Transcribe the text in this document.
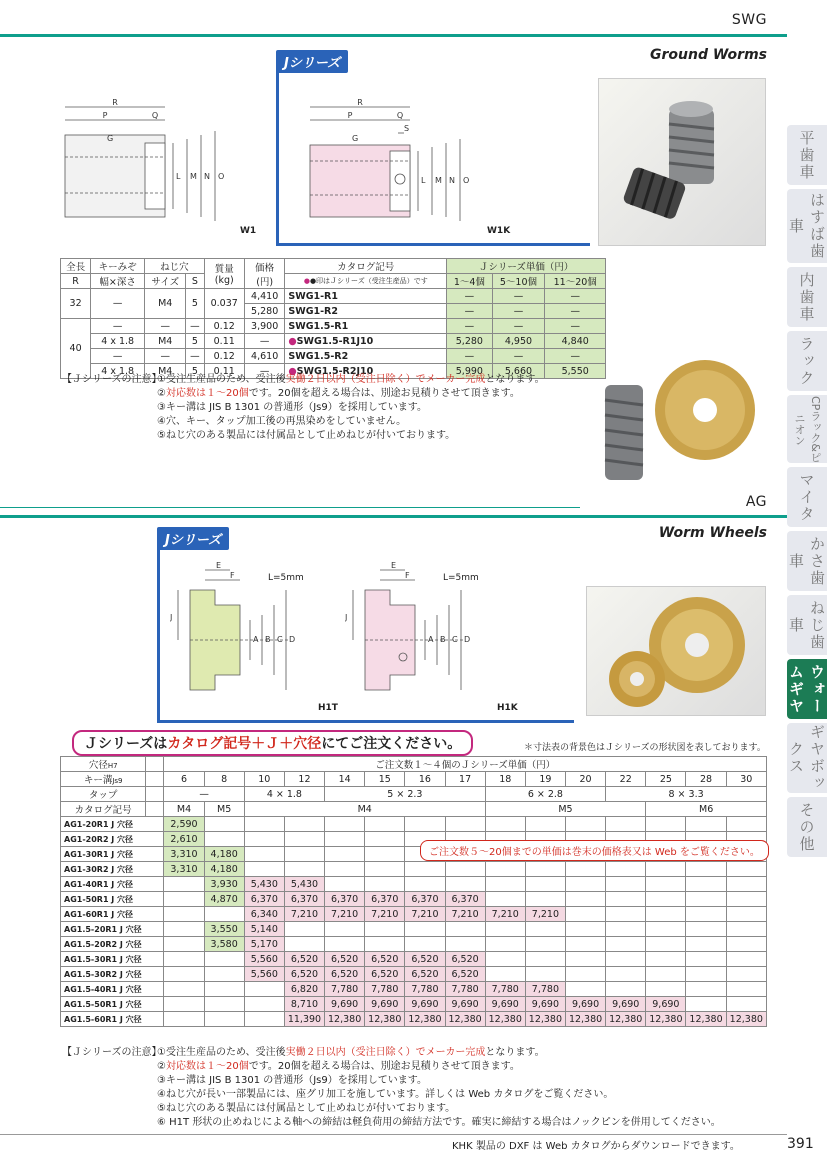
SWG
Ground Worms
R
P	Q
G
L M N O
W1
Jシリーズ
R
P	Q
S
G
L M N O
W1K
全長	キーみぞ	ねじ穴		質量
(kg)	価格
(円)	カタログ記号	Ｊシリーズ単価（円）		
R	幅×深さ	サイズ	S			●●印はＪシリーズ（受注生産品）です	1～4個	5～10個	11～20個
32	—	M4	5	0.037	4,410	SWG1-R1	—	—	—
					5,280	SWG1-R2	—	—	—
40	—	—	—	0.12	3,900	SWG1.5-R1	—	—	—
	4 x 1.8	M4	5	0.11	—	●SWG1.5-R1J10	5,280	4,950	4,840
	—	—	—	0.12	4,610	SWG1.5-R2	—	—	—
	4 x 1.8	M4	5	0.11	—	●SWG1.5-R2J10	5,990	5,660	5,550
【Ｊシリーズの注意】
①受注生産品のため、受注後実働２日以内（受注日除く）でメーカー完成となります。
②対応数は１～20個です。20個を超える場合は、別途お見積りさせて頂きます。
③キー溝は JIS B 1301 の普通形（Js9）を採用しています。
④穴、キー、タップ加工後の再黒染めをしていません。
⑤ねじ穴のある製品には付属品として止めねじが付いております。
AG
Worm Wheels
Jシリーズ
E
F
J
A B C D
L=5mm
H1T
E
F
J
A B C D
L=5mm
H1K
Ｊシリーズはカタログ記号＋Ｊ＋穴径にてご注文ください。	＊寸法表の背景色はＪシリーズの形状図を表しております。
穴径H7		ご注文数１～４個のＪシリーズ単価（円）														
キー溝Js9		6	8	10	12	14	15	16	17	18	19	20	22	25	28	30
タップ		—		4 × 1.8		5 × 2.3				6 × 2.8			8 × 3.3			
カタログ記号		M4	M5	M4						M5				M6		
AG1-20R1 J 穴径		2,590														
AG1-20R2 J 穴径		2,610														
AG1-30R1 J 穴径		3,310	4,180													
AG1-30R2 J 穴径		3,310	4,180													
AG1-40R1 J 穴径			3,930	5,430	5,430											
AG1-50R1 J 穴径			4,870	6,370	6,370	6,370	6,370	6,370	6,370							
AG1-60R1 J 穴径				6,340	7,210	7,210	7,210	7,210	7,210	7,210	7,210					
AG1.5-20R1 J 穴径			3,550	5,140												
AG1.5-20R2 J 穴径			3,580	5,170												
AG1.5-30R1 J 穴径				5,560	6,520	6,520	6,520	6,520	6,520							
AG1.5-30R2 J 穴径				5,560	6,520	6,520	6,520	6,520	6,520							
AG1.5-40R1 J 穴径					6,820	7,780	7,780	7,780	7,780	7,780	7,780					
AG1.5-50R1 J 穴径					8,710	9,690	9,690	9,690	9,690	9,690	9,690	9,690	9,690	9,690		
AG1.5-60R1 J 穴径					11,390	12,380	12,380	12,380	12,380	12,380	12,380	12,380	12,380	12,380	12,380	12,380
ご注文数５～20個までの単価は巻末の価格表又は Web をご覧ください。
【Ｊシリーズの注意】
①受注生産品のため、受注後実働２日以内（受注日除く）でメーカー完成となります。
②対応数は１～20個です。20個を超える場合は、別途お見積りさせて頂きます。
③キー溝は JIS B 1301 の普通形（Js9）を採用しています。
④ねじ穴が長い一部製品には、座グリ加工を施しています。詳しくは Web カタログをご覧ください。
⑤ねじ穴のある製品には付属品として止めねじが付いております。
⑥ H1T 形状の止めねじによる軸への締結は軽負荷用の締結方法です。確実に締結する場合はノックピンを併用してください。
平歯車
はすば歯車
内歯車
ラック
CPラック&ピニオン
マイタ
かさ歯車
ねじ歯車
ウォームギヤ
ギヤボックス
その他
KHK 製品の DXF は Web カタログからダウンロードできます。	391
